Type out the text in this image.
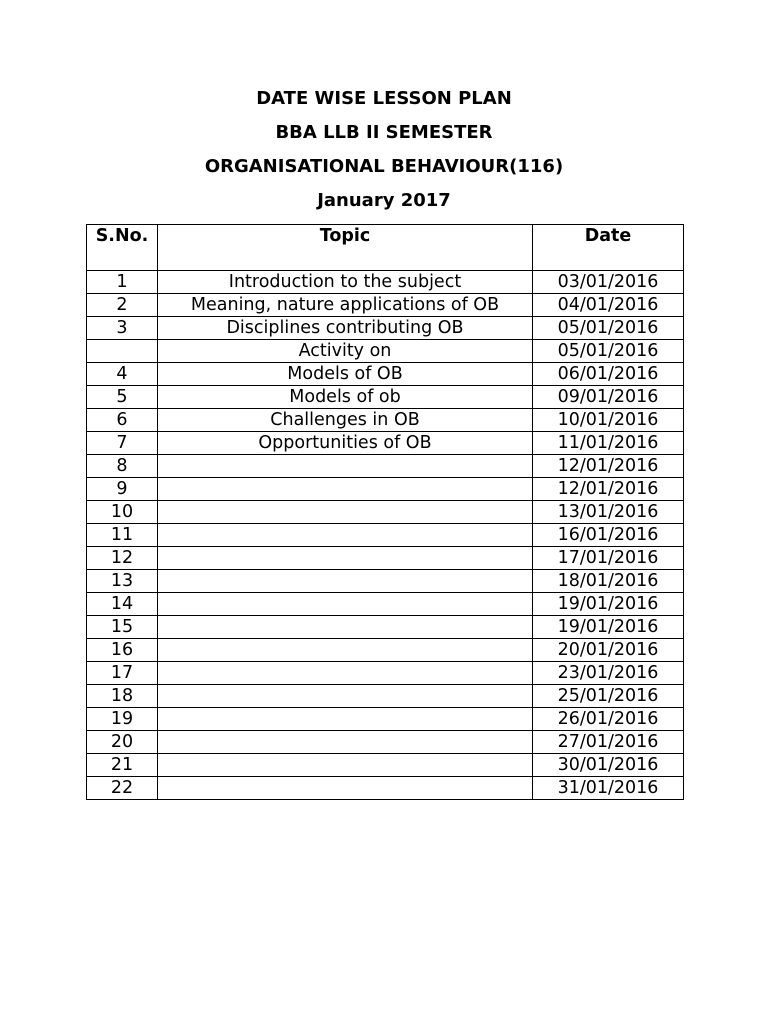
DATE WISE LESSON PLAN
BBA LLB II SEMESTER
ORGANISATIONAL BEHAVIOUR(116)
January 2017
S.No.	Topic	Date
1	Introduction to the subject	03/01/2016
2	Meaning, nature applications of OB	04/01/2016
3	Disciplines contributing OB	05/01/2016
	Activity on	05/01/2016
4	Models of OB	06/01/2016
5	Models of ob	09/01/2016
6	Challenges in OB	10/01/2016
7	Opportunities of OB	11/01/2016
8		12/01/2016
9		12/01/2016
10		13/01/2016
11		16/01/2016
12		17/01/2016
13		18/01/2016
14		19/01/2016
15		19/01/2016
16		20/01/2016
17		23/01/2016
18		25/01/2016
19		26/01/2016
20		27/01/2016
21		30/01/2016
22		31/01/2016
